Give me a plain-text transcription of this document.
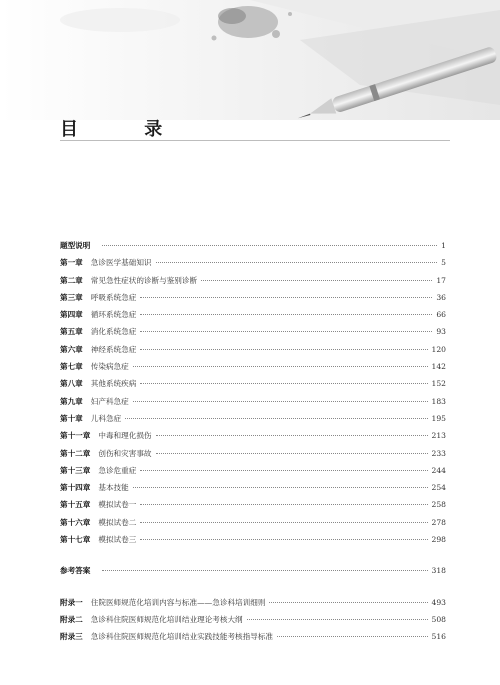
目 录
题型说明	1
第一章 急诊医学基础知识	5
第二章 常见急性症状的诊断与鉴别诊断	17
第三章 呼吸系统急症	36
第四章 循环系统急症	66
第五章 消化系统急症	93
第六章 神经系统急症	120
第七章 传染病急症	142
第八章 其他系统疾病	152
第九章 妇产科急症	183
第十章 儿科急症	195
第十一章 中毒和理化损伤	213
第十二章 创伤和灾害事故	233
第十三章 急诊危重症	244
第十四章 基本技能	254
第十五章 模拟试卷一	258
第十六章 模拟试卷二	278
第十七章 模拟试卷三	298
参考答案	318
附录一 住院医师规范化培训内容与标准——急诊科培训细则	493
附录二 急诊科住院医师规范化培训结业理论考核大纲	508
附录三 急诊科住院医师规范化培训结业实践技能考核指导标准	516
